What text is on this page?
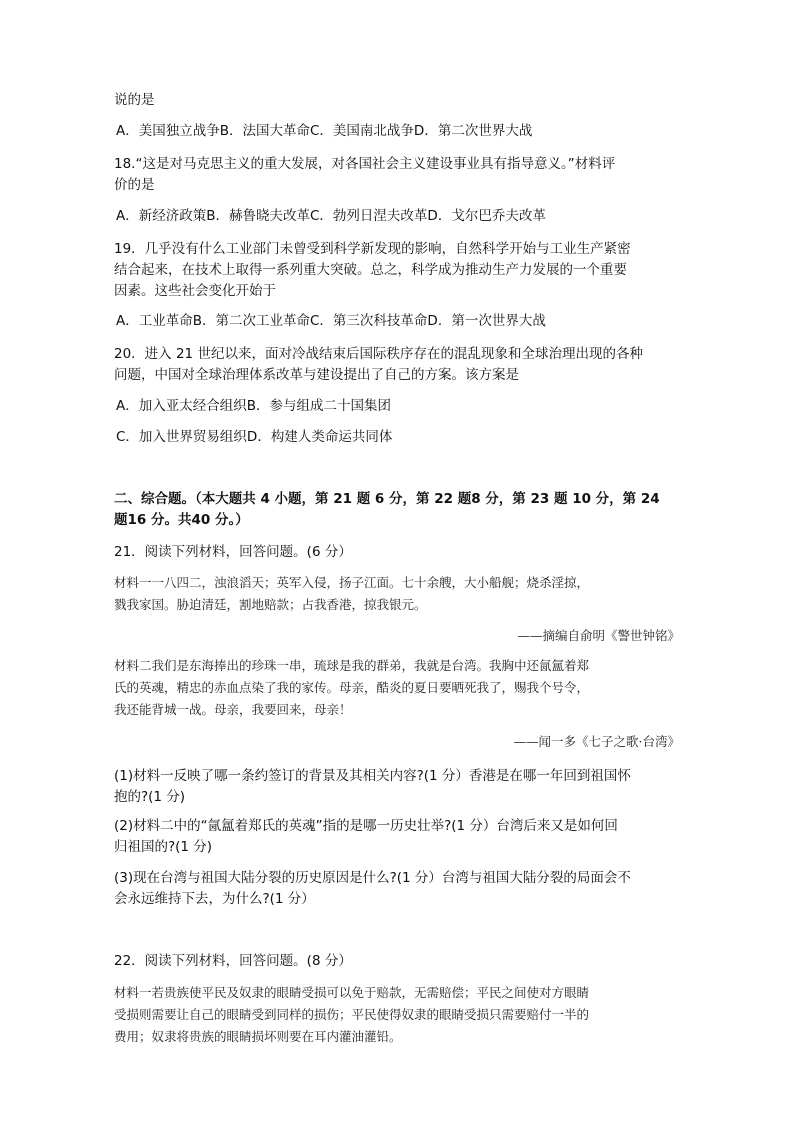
说的是
A．美国独立战争B．法国大革命C．美国南北战争D．第二次世界大战
18.“这是对马克思主义的重大发展，对各国社会主义建设事业具有指导意义。”材料评
价的是
A．新经济政策B．赫鲁晓夫改革C．勃列日涅夫改革D．戈尔巴乔夫改革
19．几乎没有什么工业部门未曾受到科学新发现的影响，自然科学开始与工业生产紧密
结合起来，在技术上取得一系列重大突破。总之，科学成为推动生产力发展的一个重要
因素。这些社会变化开始于
A．工业革命B．第二次工业革命C．第三次科技革命D．第一次世界大战
20．进入 21 世纪以来，面对冷战结束后国际秩序存在的混乱现象和全球治理出现的各种
问题，中国对全球治理体系改革与建设提出了自己的方案。该方案是
A．加入亚太经合组织B．参与组成二十国集团
C．加入世界贸易组织D．构建人类命运共同体
二、综合题。（本大题共 4 小题，第 21 题 6 分，第 22 题8 分，第 23 题 10 分，第 24
题16 分。共40 分。）
21．阅读下列材料，回答问题。(6 分）
材料一一八四二，浊浪滔天；英军入侵，扬子江面。七十余艘，大小船舰；烧杀淫掠，
戮我家国。胁迫清廷，割地赔款；占我香港，掠我银元。
——摘编自俞明《警世钟铭》
材料二我们是东海捧出的珍珠一串，琉球是我的群弟，我就是台湾。我胸中还氤氲着郑
氏的英魂，精忠的赤血点染了我的家传。母亲，酷炎的夏日要晒死我了，赐我个号令，
我还能背城一战。母亲，我要回来，母亲！
——闻一多《七子之歌·台湾》
(1)材料一反映了哪一条约签订的背景及其相关内容?(1 分）香港是在哪一年回到祖国怀
抱的?(1 分)
(2)材料二中的“氤氲着郑氏的英魂”指的是哪一历史壮举?(1 分）台湾后来又是如何回
归祖国的?(1 分)
(3)现在台湾与祖国大陆分裂的历史原因是什么?(1 分）台湾与祖国大陆分裂的局面会不
会永远维持下去，为什么?(1 分）
22．阅读下列材料，回答问题。(8 分）
材料一若贵族使平民及奴隶的眼睛受损可以免于赔款，无需赔偿；平民之间使对方眼睛
受损则需要让自己的眼睛受到同样的损伤；平民使得奴隶的眼睛受损只需要赔付一半的
费用；奴隶将贵族的眼睛损坏则要在耳内灌油灌铅。
